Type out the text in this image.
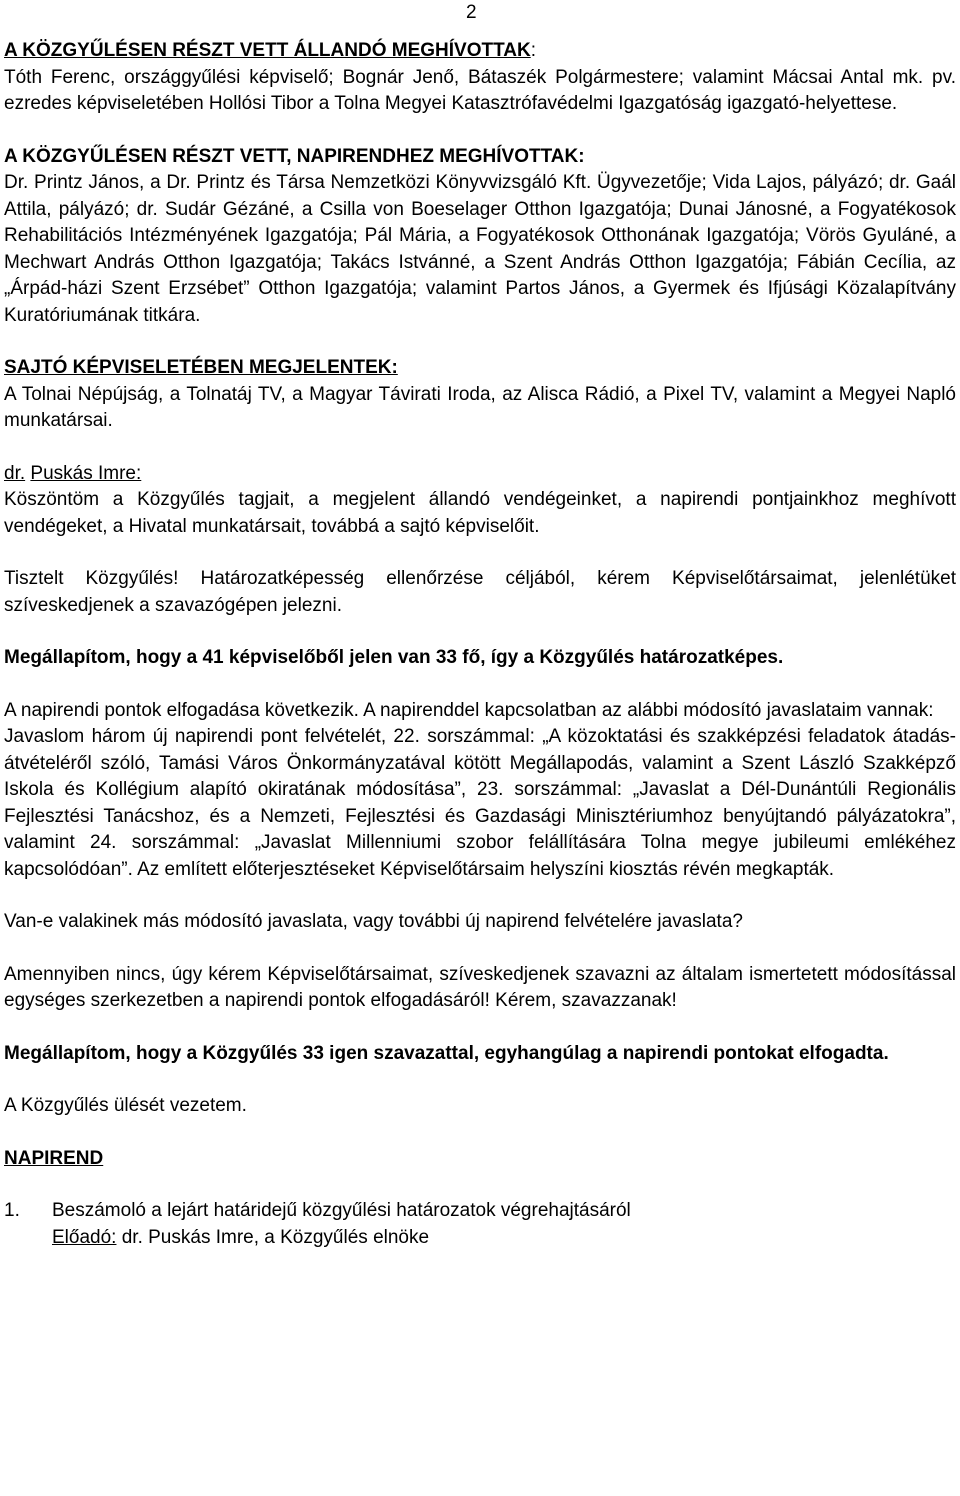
2

A KÖZGYŰLÉSEN RÉSZT VETT ÁLLANDÓ MEGHÍVOTTAK:
Tóth Ferenc, országgyűlési képviselő; Bognár Jenő, Bátaszék Polgármestere; valamint Mácsai Antal mk. pv. ezredes képviseletében Hollósi Tibor a Tolna Megyei Katasztrófavédelmi Igazgatóság igazgató-helyettese.

A KÖZGYŰLÉSEN RÉSZT VETT, NAPIRENDHEZ MEGHÍVOTTAK:
Dr. Printz János, a Dr. Printz és Társa Nemzetközi Könyvvizsgáló Kft. Ügyvezetője; Vida Lajos, pályázó; dr. Gaál Attila, pályázó; dr. Sudár Gézáné, a Csilla von Boeselager Otthon Igazgatója; Dunai Jánosné, a Fogyatékosok Rehabilitációs Intézményének Igazgatója; Pál Mária, a Fogyatékosok Otthonának Igazgatója; Vörös Gyuláné, a Mechwart András Otthon Igazgatója; Takács Istvánné, a Szent András Otthon Igazgatója; Fábián Cecília, az „Árpád-házi Szent Erzsébet” Otthon Igazgatója; valamint Partos János, a Gyermek és Ifjúsági Közalapítvány Kuratóriumának titkára.

SAJTÓ KÉPVISELETÉBEN MEGJELENTEK:
A Tolnai Népújság, a Tolnatáj TV, a Magyar Távirati Iroda, az Alisca Rádió, a Pixel TV, valamint a Megyei Napló munkatársai.

dr. Puskás Imre:
Köszöntöm a Közgyűlés tagjait, a megjelent állandó vendégeinket, a napirendi pontjainkhoz meghívott vendégeket, a Hivatal munkatársait, továbbá a sajtó képviselőit.

Tisztelt Közgyűlés! Határozatképesség ellenőrzése céljából, kérem Képviselőtársaimat, jelenlétüket szíveskedjenek a szavazógépen jelezni.

Megállapítom, hogy a 41 képviselőből jelen van 33 fő, így a Közgyűlés határozatképes.

A napirendi pontok elfogadása következik. A napirenddel kapcsolatban az alábbi módosító javaslataim vannak:
Javaslom három új napirendi pont felvételét, 22. sorszámmal: „A közoktatási és szakképzési feladatok átadás-átvételéről szóló, Tamási Város Önkormányzatával kötött Megállapodás, valamint a Szent László Szakképző Iskola és Kollégium alapító okiratának módosítása”, 23. sorszámmal: „Javaslat a Dél-Dunántúli Regionális Fejlesztési Tanácshoz, és a Nemzeti, Fejlesztési és Gazdasági Minisztériumhoz benyújtandó pályázatokra”, valamint 24. sorszámmal: „Javaslat Millenniumi szobor felállítására Tolna megye jubileumi emlékéhez kapcsolódóan”. Az említett előterjesztéseket Képviselőtársaim helyszíni kiosztás révén megkapták.

Van-e valakinek más módosító javaslata, vagy további új napirend felvételére javaslata?

Amennyiben nincs, úgy kérem Képviselőtársaimat, szíveskedjenek szavazni az általam ismertetett módosítással egységes szerkezetben a napirendi pontok elfogadásáról! Kérem, szavazzanak!

Megállapítom, hogy a Közgyűlés 33 igen szavazattal, egyhangúlag a napirendi pontokat elfogadta.

A Közgyűlés ülését vezetem.

NAPIREND

1.	Beszámoló a lejárt határidejű közgyűlési határozatok végrehajtásáról
Előadó: dr. Puskás Imre, a Közgyűlés elnöke
